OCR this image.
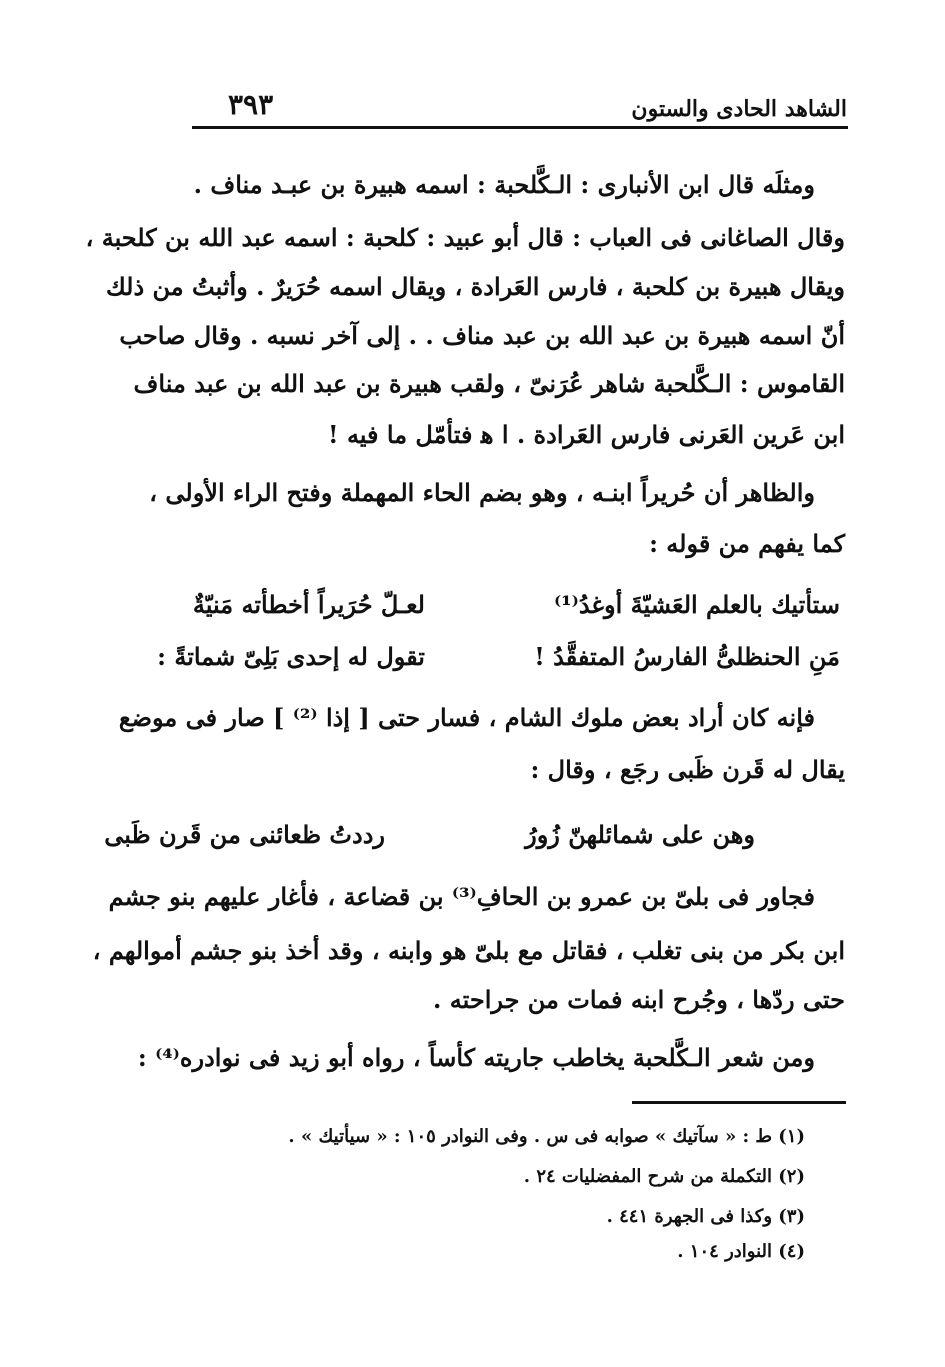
الشاهد الحادى والستون
٣٩٣
ومثلَه قال ابن الأنبارى : الـكَّلحبة : اسمه هبيرة بن عبـد مناف .
وقال الصاغانى فى العباب : قال أبو عبيد : كلحبة : اسمه عبد الله بن كلحبة ،
ويقال هبيرة بن كلحبة ، فارس العَرادة ، ويقال اسمه حُرَيرٌ . وأثبتُ من ذلك
أنّ اسمه هبيرة بن عبد الله بن عبد مناف . . إلى آخر نسبه . وقال صاحب
القاموس : الـكَّلحبة شاهر عُرَنىّ ، ولقب هبيرة بن عبد الله بن عبد مناف
ابن عَرين العَرنى فارس العَرادة . ا ﻫ فتأمّل ما فيه !
والظاهر أن حُريراً ابنـه ، وهو بضم الحاء المهملة وفتح الراء الأولى ،
كما يفهم من قوله :
لعـلّ حُرَيراً أخطأته مَنيّةٌ	ستأتيك بالعلم العَشيّةَ أوغدُ⁽¹⁾
تقول له إحدى بَلِىّ شماتةً :	مَنِ الحنظلىُّ الفارسُ المتفقَّدُ !
فإنه كان أراد بعض ملوك الشام ، فسار حتى [ إذا ⁽²⁾ ] صار فى موضع
يقال له قَرن ظَبى رجَع ، وقال :
رددتُ ظعائنى من قَرن ظَبى	وهن على شمائلهنّ زُورُ
فجاور فى بلىّ بن عمرو بن الحافِ⁽³⁾ بن قضاعة ، فأغار عليهم بنو جشم
ابن بكر من بنى تغلب ، فقاتل مع بلىّ هو وابنه ، وقد أخذ بنو جشم أموالهم ،
حتى ردّها ، وجُرح ابنه فمات من جراحته .
ومن شعر الـكَّلحبة يخاطب جاريته كأساً ، رواه أبو زيد فى نوادره⁽⁴⁾ :
(١) ط : « سآتيك » صوابه فى س . وفى النوادر ١٠٥ : « سيأتيك » .
(٢) التكملة من شرح المفضليات ٢٤ .
(٣) وكذا فى الجهرة ٤٤١ .
(٤) النوادر ١٠٤ .
